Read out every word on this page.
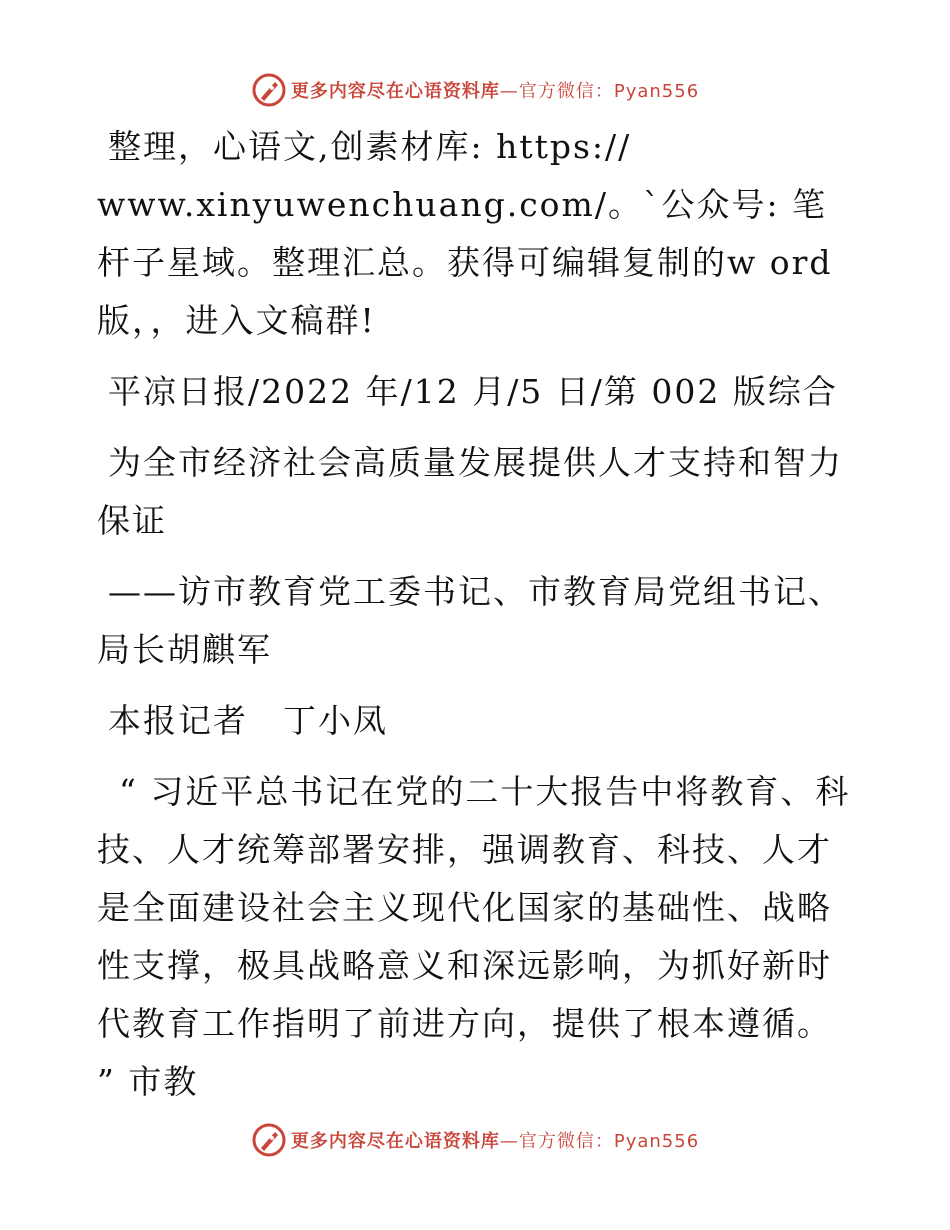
更多内容尽在心语资料库—官方微信：Pyan556

整理，心语文,创素材库: https:// www.xinyuwenchuang.com/。`公众号: 笔杆子星域。整理汇总。获得可编辑复制的w ord版，，进入文稿群!

平凉日报/2022 年/12 月/5 日/第 002 版综合

为全市经济社会高质量发展提供人才支持和智力保证

——访市教育党工委书记、市教育局党组书记、局长胡麒军

本报记者　丁小凤

“ 习近平总书记在党的二十大报告中将教育、科技、人才统筹部署安排，强调教育、科技、人才是全面建设社会主义现代化国家的基础性、战略性支撑，极具战略意义和深远影响，为抓好新时代教育工作指明了前进方向，提供了根本遵循。 ” 市教

更多内容尽在心语资料库—官方微信：Pyan556
